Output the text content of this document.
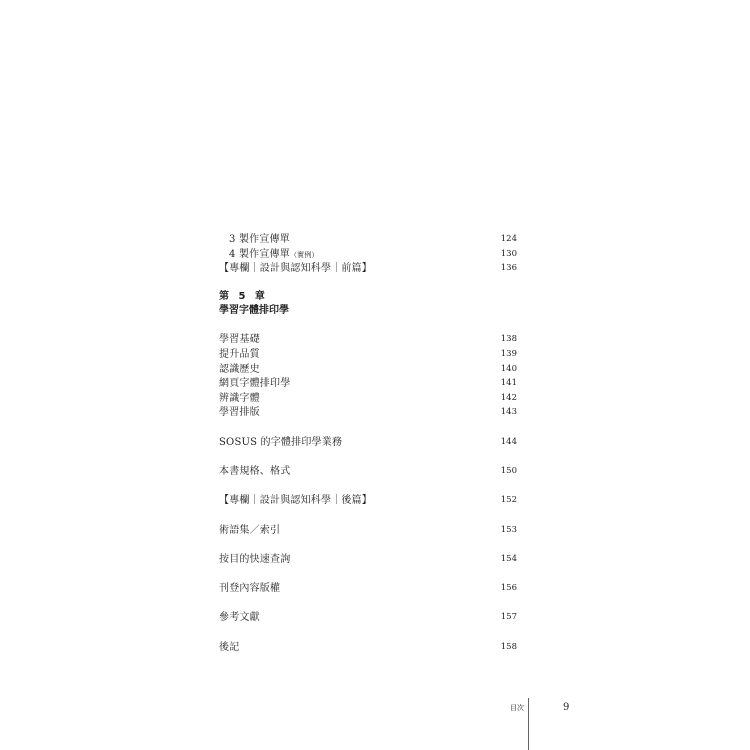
3 製作宣傳單	124
4 製作宣傳單（實例）	130
【專欄｜設計與認知科學｜前篇】	136
第 5 章
學習字體排印學
學習基礎	138
提升品質	139
認識歷史	140
網頁字體排印學	141
辨識字體	142
學習排版	143
SOSUS 的字體排印學業務	144
本書規格、格式	150
【專欄｜設計與認知科學｜後篇】	152
術語集／索引	153
按目的快速查詢	154
刊登內容版權	156
參考文獻	157
後記	158
目次	9
